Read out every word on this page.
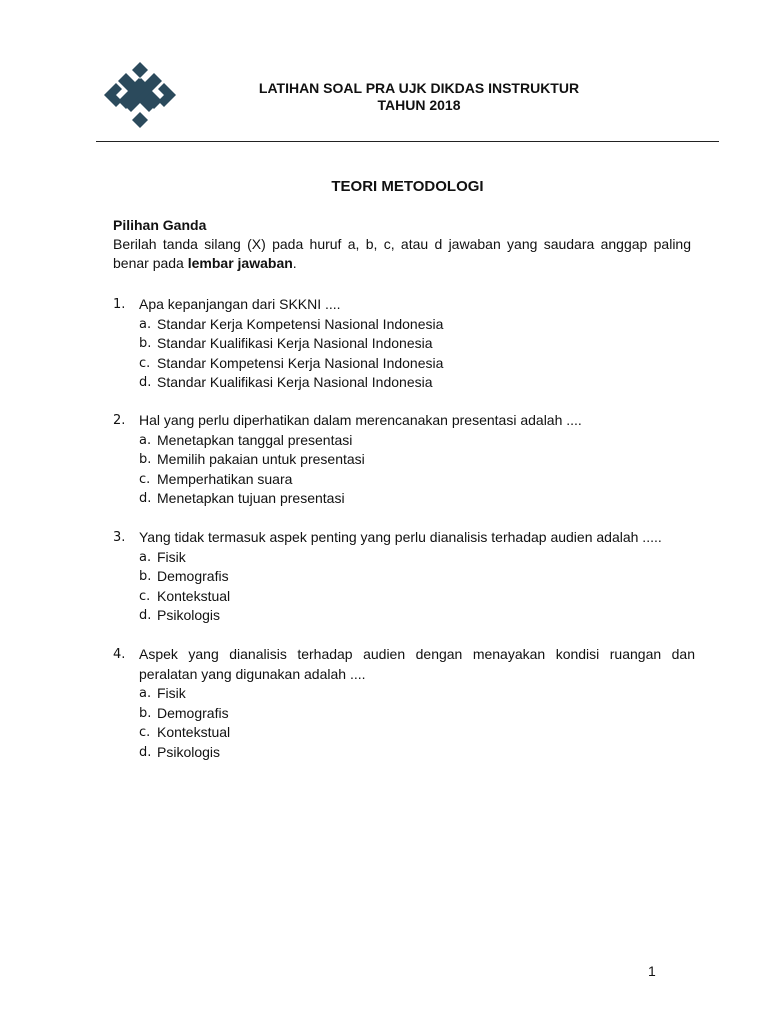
LATIHAN SOAL PRA UJK DIKDAS INSTRUKTUR
TAHUN 2018
TEORI METODOLOGI
Pilihan Ganda
Berilah tanda silang (X) pada huruf a, b, c, atau d jawaban yang saudara anggap paling benar pada lembar jawaban.
1. Apa kepanjangan dari SKKNI ....
a. Standar Kerja Kompetensi Nasional Indonesia
b. Standar Kualifikasi Kerja Nasional Indonesia
c. Standar Kompetensi Kerja Nasional Indonesia
d. Standar Kualifikasi Kerja Nasional Indonesia
2. Hal yang perlu diperhatikan dalam merencanakan presentasi adalah ....
a. Menetapkan tanggal presentasi
b. Memilih pakaian untuk presentasi
c. Memperhatikan suara
d. Menetapkan tujuan presentasi
3. Yang tidak termasuk aspek penting yang perlu dianalisis terhadap audien adalah .....
a. Fisik
b. Demografis
c. Kontekstual
d. Psikologis
4. Aspek yang dianalisis terhadap audien dengan menayakan kondisi ruangan dan peralatan yang digunakan adalah ....
a. Fisik
b. Demografis
c. Kontekstual
d. Psikologis
1
